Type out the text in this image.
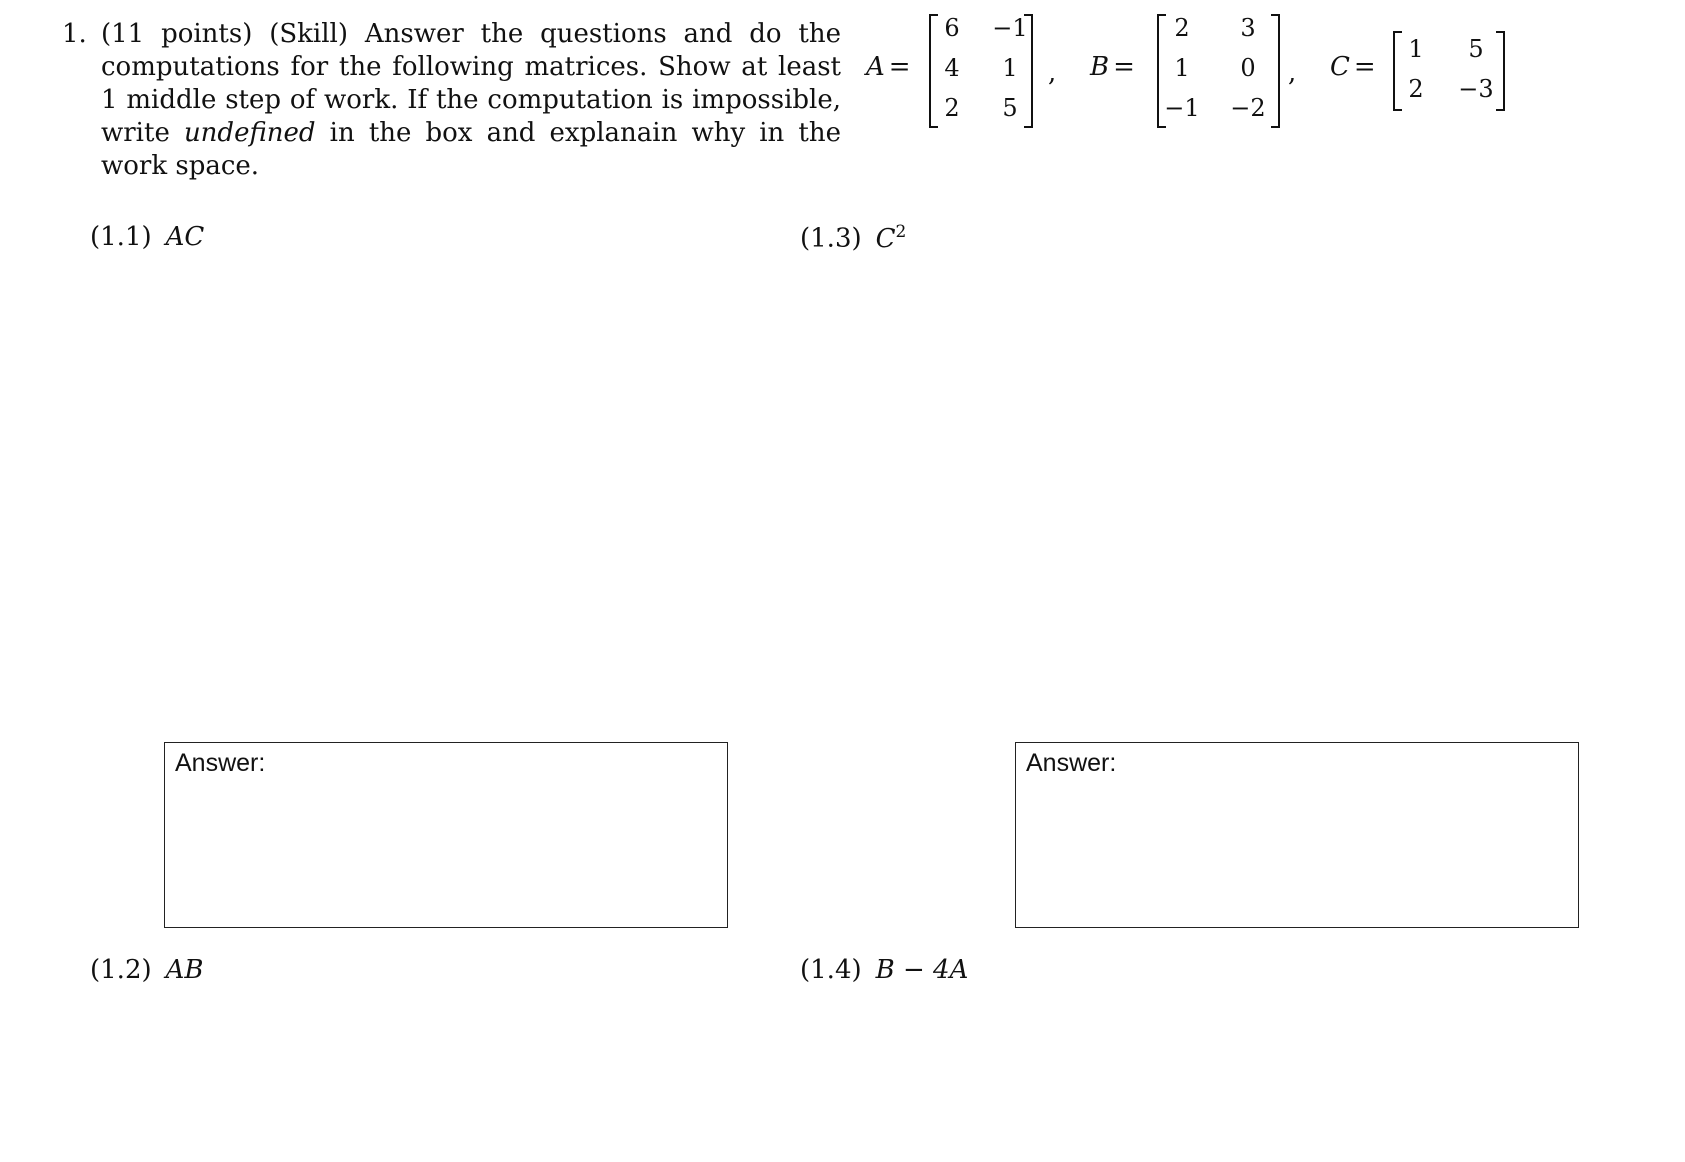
1. (11 points) (Skill) Answer the questions and do the computations for the following matrices. Show at least 1 middle step of work. If the computation is impossible, write undefined in the box and explanain why in the work space.
A =
6	−1
4	1
2	5
, B =
2	3
1	0
−1 −2
, C =
1	5
2	−3
(1.1) AC	(1.3) $C^2$
(1.2) AB	(1.4) B − 4A
Answer:	Answer:
